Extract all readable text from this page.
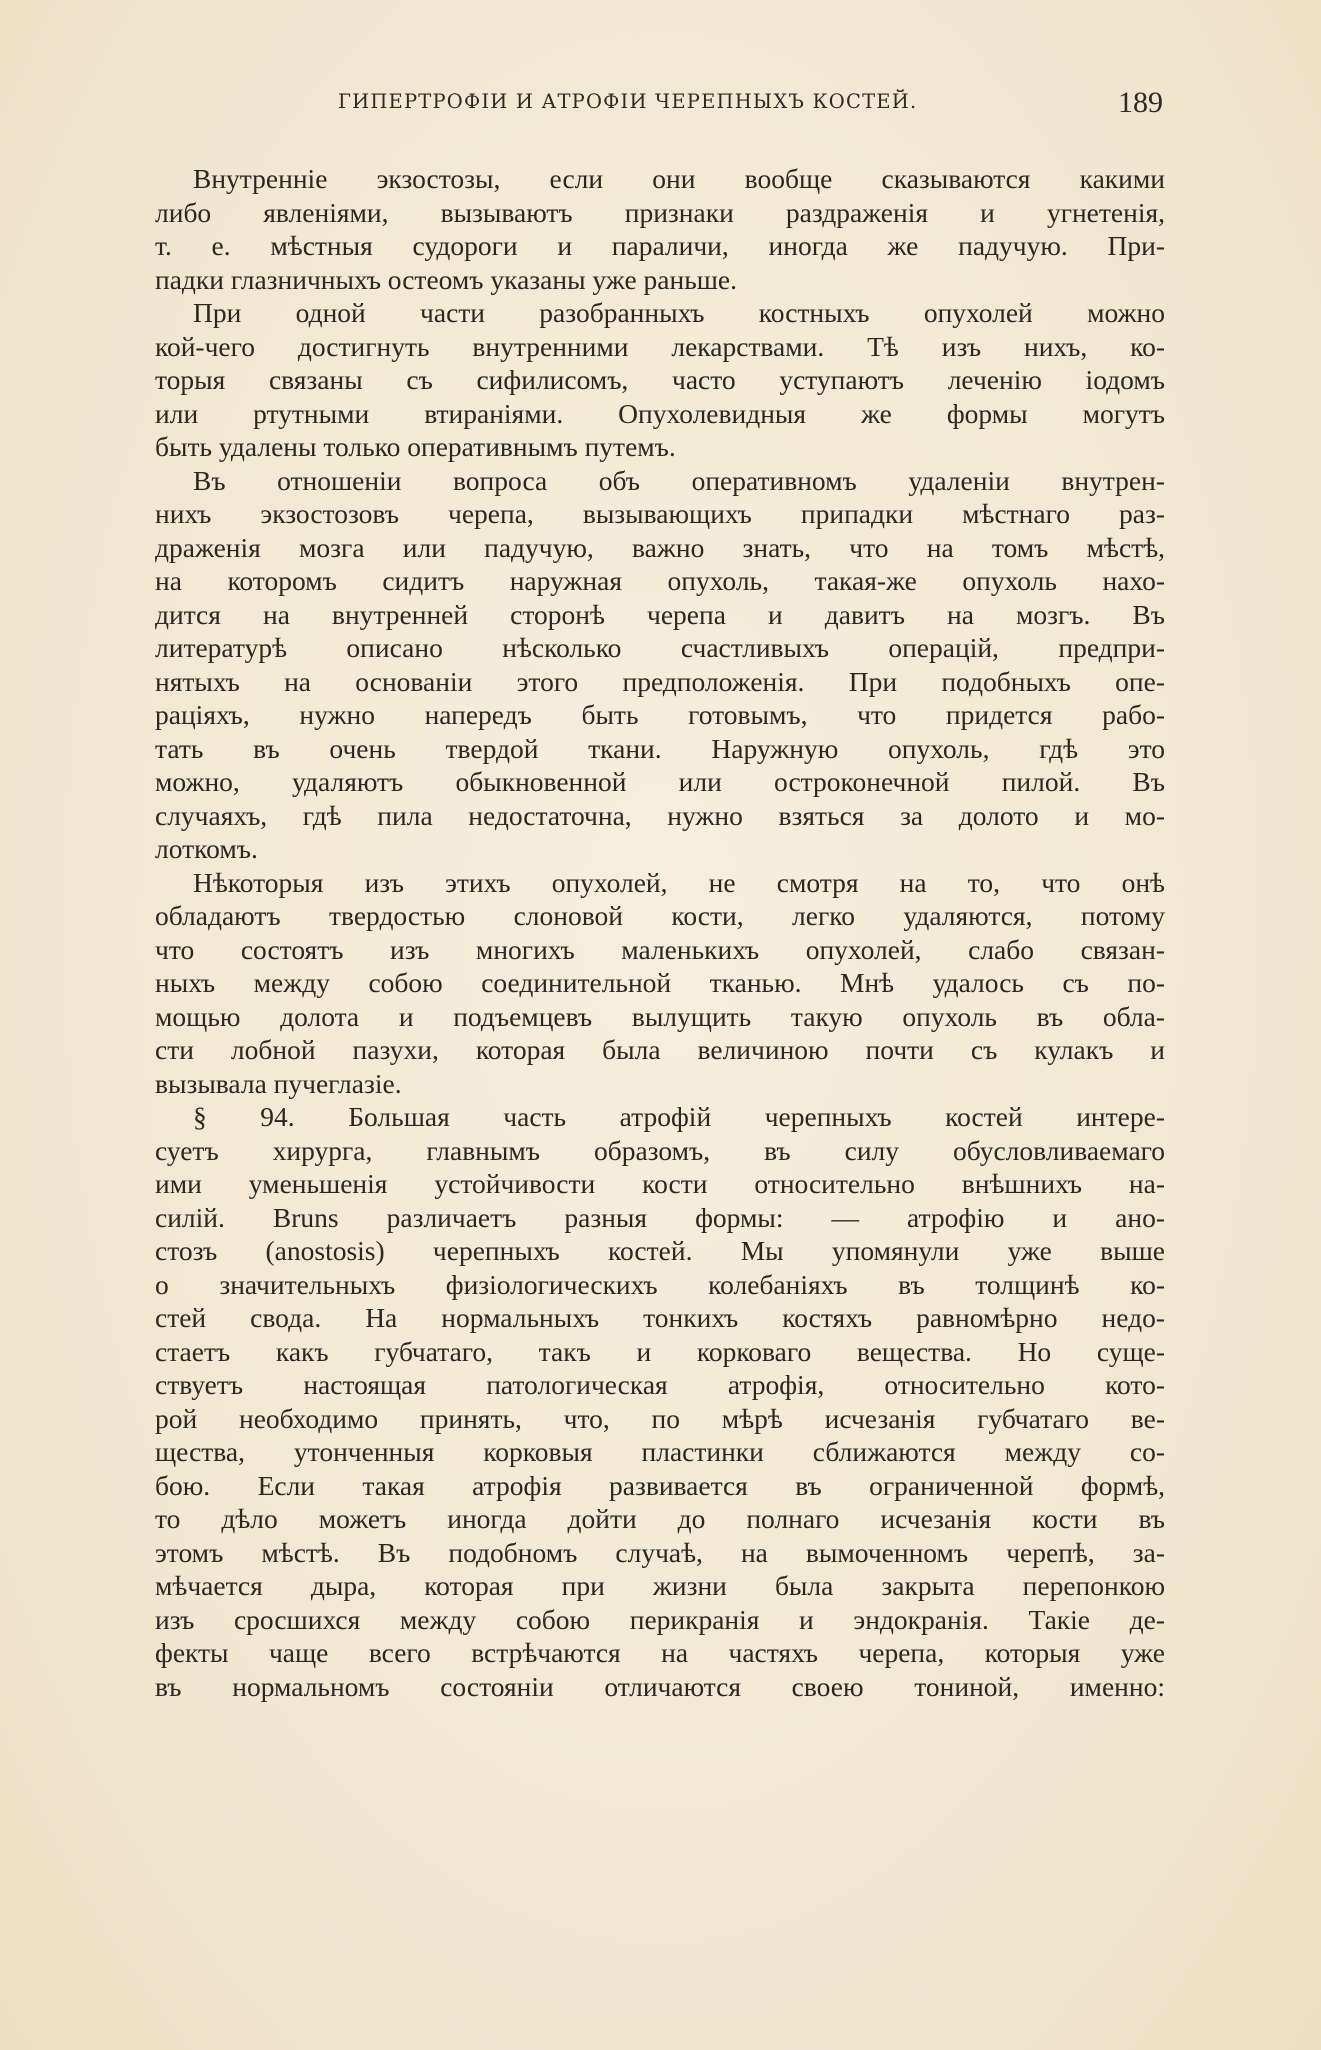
ГИПЕРТРОФІИ И АТРОФІИ ЧЕРЕПНЫХЪ КОСТЕЙ.	189
Внутренніе экзостозы, если они вообще сказываются какими
либо явленіями, вызываютъ признаки раздраженія и угнетенія,
т. е. мѣстныя судороги и параличи, иногда же падучую. При-
падки глазничныхъ остеомъ указаны уже раньше.
При одной части разобранныхъ костныхъ опухолей можно
кой-чего достигнуть внутренними лекарствами. Тѣ изъ нихъ, ко-
торыя связаны съ сифилисомъ, часто уступаютъ леченію іодомъ
или ртутными втираніями. Опухолевидныя же формы могутъ
быть удалены только оперативнымъ путемъ.
Въ отношеніи вопроса объ оперативномъ удаленіи внутрен-
нихъ экзостозовъ черепа, вызывающихъ припадки мѣстнаго раз-
драженія мозга или падучую, важно знать, что на томъ мѣстѣ,
на которомъ сидитъ наружная опухоль, такая-же опухоль нахо-
дится на внутренней сторонѣ черепа и давитъ на мозгъ. Въ
литературѣ описано нѣсколько счастливыхъ операцій, предпри-
нятыхъ на основаніи этого предположенія. При подобныхъ опе-
раціяхъ, нужно напередъ быть готовымъ, что придется рабо-
тать въ очень твердой ткани. Наружную опухоль, гдѣ это
можно, удаляютъ обыкновенной или остроконечной пилой. Въ
случаяхъ, гдѣ пила недостаточна, нужно взяться за долото и мо-
лоткомъ.
Нѣкоторыя изъ этихъ опухолей, не смотря на то, что онѣ
обладаютъ твердостью слоновой кости, легко удаляются, потому
что состоятъ изъ многихъ маленькихъ опухолей, слабо связан-
ныхъ между собою соединительной тканью. Мнѣ удалось съ по-
мощью долота и подъемцевъ вылущить такую опухоль въ обла-
сти лобной пазухи, которая была величиною почти съ кулакъ и
вызывала пучеглазіе.
§ 94. Большая часть атрофій черепныхъ костей интере-
суетъ хирурга, главнымъ образомъ, въ силу обусловливаемаго
ими уменьшенія устойчивости кости относительно внѣшнихъ на-
силій. Bruns различаетъ разныя формы: — атрофію и ано-
стозъ (anostosis) черепныхъ костей. Мы упомянули уже выше
о значительныхъ физіологическихъ колебаніяхъ въ толщинѣ ко-
стей свода. На нормальныхъ тонкихъ костяхъ равномѣрно недо-
стаетъ какъ губчатаго, такъ и корковаго вещества. Но суще-
ствуетъ настоящая патологическая атрофія, относительно кото-
рой необходимо принять, что, по мѣрѣ исчезанія губчатаго ве-
щества, утонченныя корковыя пластинки сближаются между со-
бою. Если такая атрофія развивается въ ограниченной формѣ,
то дѣло можетъ иногда дойти до полнаго исчезанія кости въ
этомъ мѣстѣ. Въ подобномъ случаѣ, на вымоченномъ черепѣ, за-
мѣчается дыра, которая при жизни была закрыта перепонкою
изъ сросшихся между собою перикранія и эндокранія. Такіе де-
фекты чаще всего встрѣчаются на частяхъ черепа, которыя уже
въ нормальномъ состояніи отличаются своею тониной, именно:
